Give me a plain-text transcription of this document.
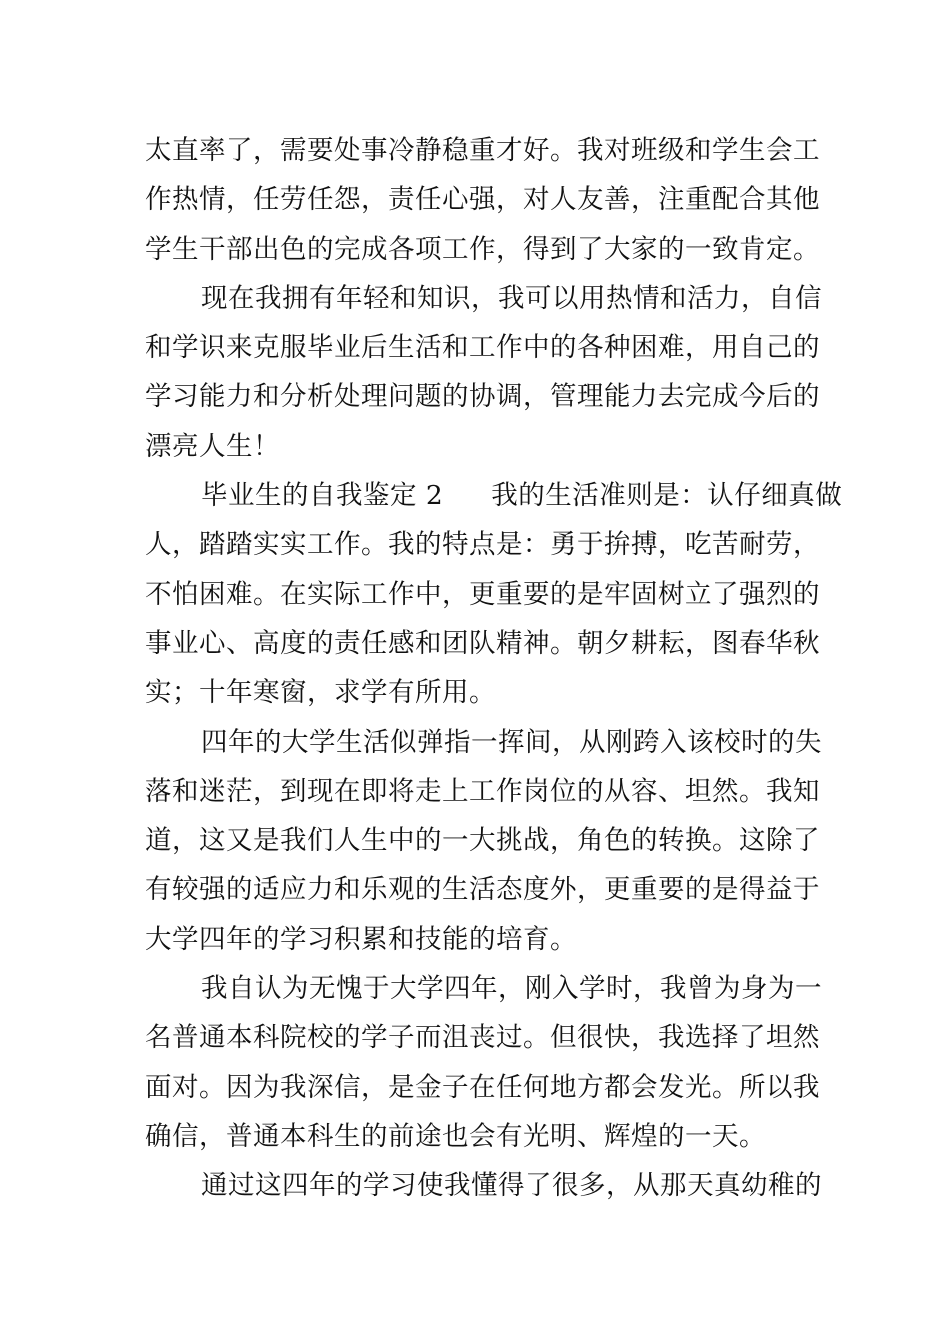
太直率了，需要处事冷静稳重才好。我对班级和学生会工
作热情，任劳任怨，责任心强，对人友善，注重配合其他
学生干部出色的完成各项工作，得到了大家的一致肯定。
现在我拥有年轻和知识，我可以用热情和活力，自信
和学识来克服毕业后生活和工作中的各种困难，用自己的
学习能力和分析处理问题的协调，管理能力去完成今后的
漂亮人生！
毕业生的自我鉴定 2 我的生活准则是：认仔细真做
人，踏踏实实工作。我的特点是：勇于拚搏，吃苦耐劳，
不怕困难。在实际工作中，更重要的是牢固树立了强烈的
事业心、高度的责任感和团队精神。朝夕耕耘，图春华秋
实；十年寒窗，求学有所用。
四年的大学生活似弹指一挥间，从刚跨入该校时的失
落和迷茫，到现在即将走上工作岗位的从容、坦然。我知
道，这又是我们人生中的一大挑战，角色的转换。这除了
有较强的适应力和乐观的生活态度外，更重要的是得益于
大学四年的学习积累和技能的培育。
我自认为无愧于大学四年，刚入学时，我曾为身为一
名普通本科院校的学子而沮丧过。但很快，我选择了坦然
面对。因为我深信，是金子在任何地方都会发光。所以我
确信，普通本科生的前途也会有光明、辉煌的一天。
通过这四年的学习使我懂得了很多，从那天真幼稚的
